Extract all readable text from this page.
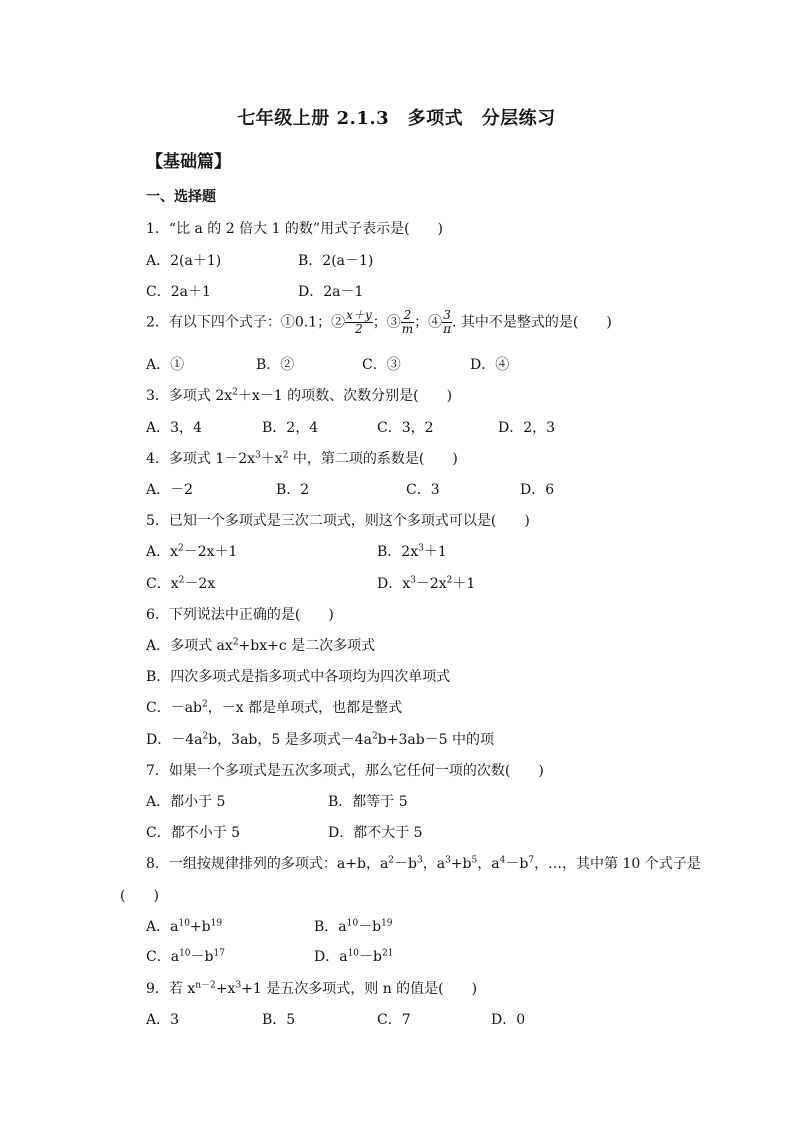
七年级上册 2.1.3　多项式　分层练习
【基础篇】
一、选择题
1．“比 a 的 2 倍大 1 的数”用式子表示是(　　)
A．2(a＋1)	B．2(a－1)
C．2a＋1	D．2a－1
2．有以下四个式子：①0.1；② $\frac{x+y}{2}$ ；③ $\frac{2}{m}$ ；④ $\frac{3}{\pi}$ . 其中不是整式的是(　　)
A．①	B．②	C．③	D．④
3．多项式 $2x^2+x-1$ 的项数、次数分别是(　　)
A．3，4	B．2，4	C．3，2	D．2，3
4．多项式 $1-2x^3+x^2$ 中，第二项的系数是(　　)
A．－2	B．2	C．3	D．6
5．已知一个多项式是三次二项式，则这个多项式可以是(　　)
A．$x^2-2x+1$	B．$2x^3+1$
C．$x^2-2x$	D．$x^3-2x^2+1$
6．下列说法中正确的是(　　)
A．多项式 $ax^2+bx+c$ 是二次多项式
B．四次多项式是指多项式中各项均为四次单项式
C．$-ab^2$，－x 都是单项式，也都是整式
D．$-4a^2b$，3ab，5 是多项式$-4a^2b+3ab-5$ 中的项
7．如果一个多项式是五次多项式，那么它任何一项的次数(　　)
A．都小于 5	B．都等于 5
C．都不小于 5	D．都不大于 5
8．一组按规律排列的多项式：a+b，$a^2-b^3$，$a^3+b^5$，$a^4-b^7$，…，其中第 10 个式子是
(　　)
A．$a^{10}+b^{19}$	B．$a^{10}-b^{19}$
C．$a^{10}-b^{17}$	D．$a^{10}-b^{21}$
9．若 $x^{n-2}+x^3+1$ 是五次多项式，则 n 的值是(　　)
A．3	B．5	C．7	D．0
